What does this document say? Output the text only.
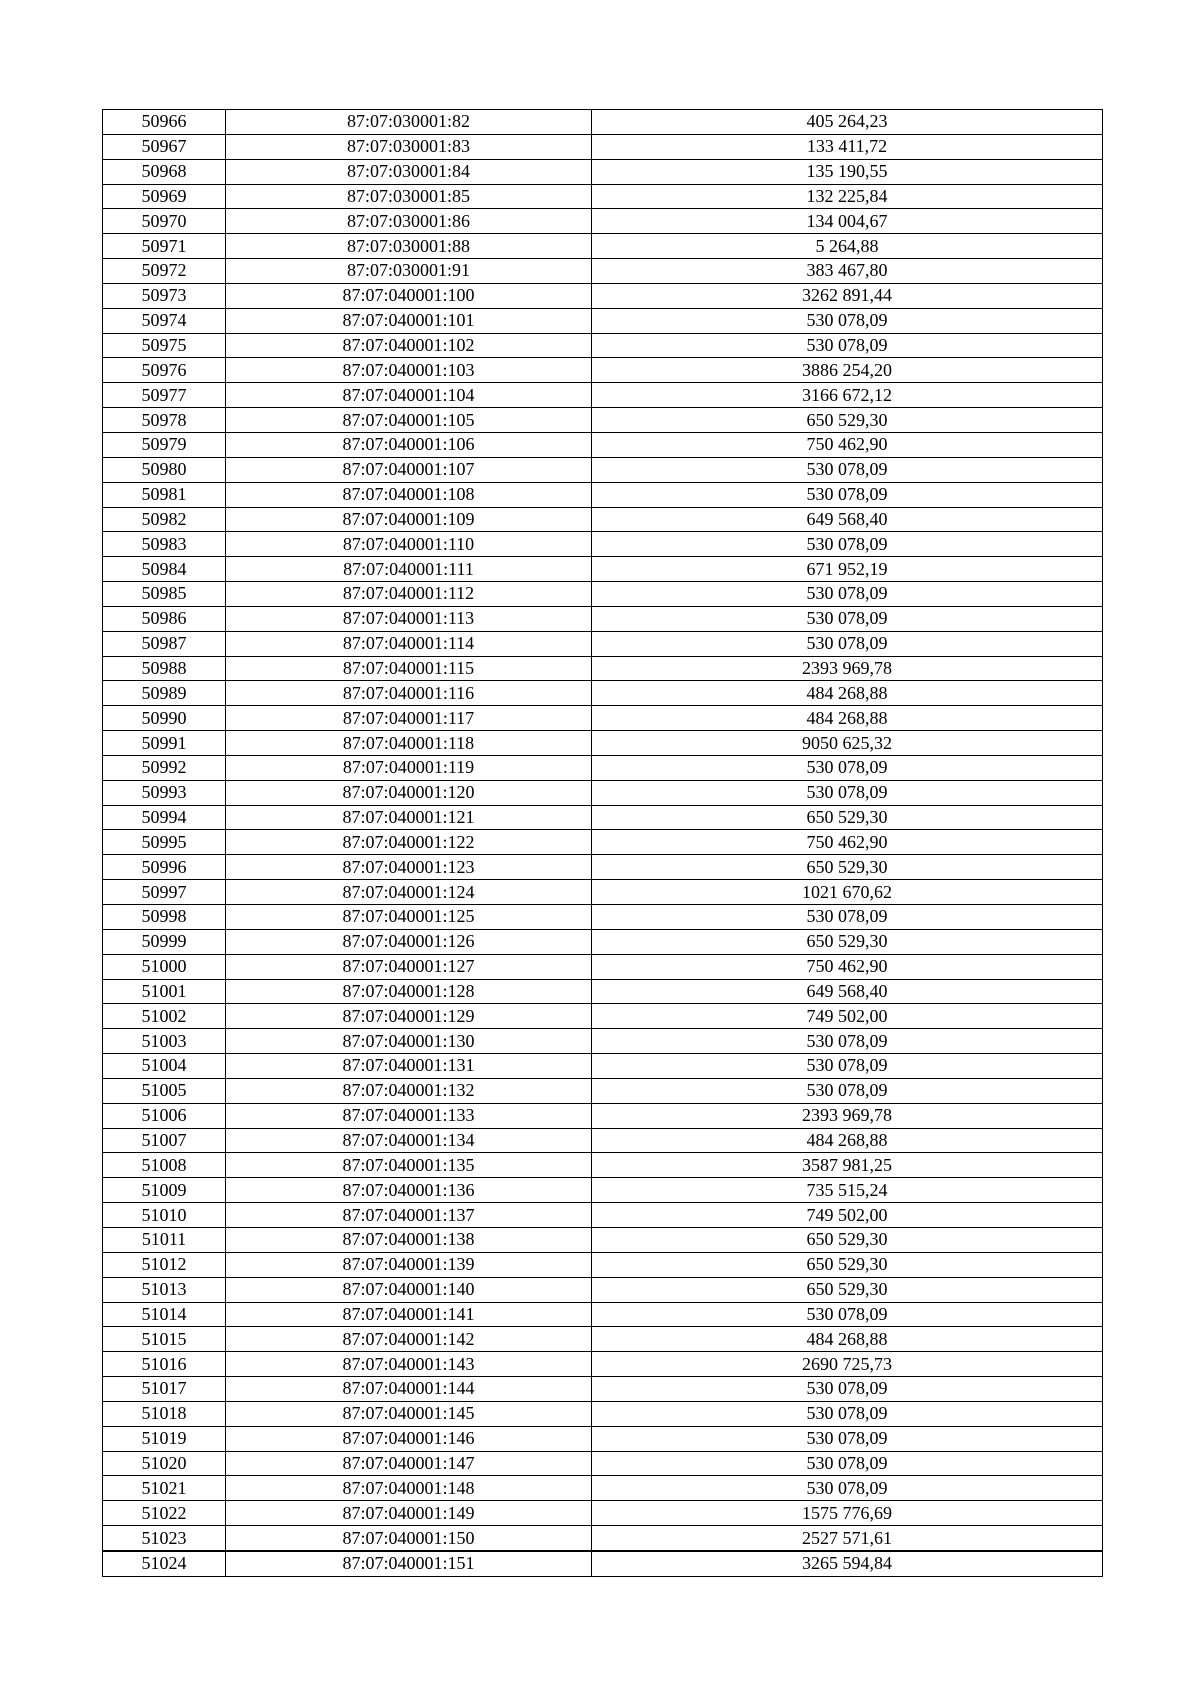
50966	87:07:030001:82	405 264,23
50967	87:07:030001:83	133 411,72
50968	87:07:030001:84	135 190,55
50969	87:07:030001:85	132 225,84
50970	87:07:030001:86	134 004,67
50971	87:07:030001:88	5 264,88
50972	87:07:030001:91	383 467,80
50973	87:07:040001:100	3262 891,44
50974	87:07:040001:101	530 078,09
50975	87:07:040001:102	530 078,09
50976	87:07:040001:103	3886 254,20
50977	87:07:040001:104	3166 672,12
50978	87:07:040001:105	650 529,30
50979	87:07:040001:106	750 462,90
50980	87:07:040001:107	530 078,09
50981	87:07:040001:108	530 078,09
50982	87:07:040001:109	649 568,40
50983	87:07:040001:110	530 078,09
50984	87:07:040001:111	671 952,19
50985	87:07:040001:112	530 078,09
50986	87:07:040001:113	530 078,09
50987	87:07:040001:114	530 078,09
50988	87:07:040001:115	2393 969,78
50989	87:07:040001:116	484 268,88
50990	87:07:040001:117	484 268,88
50991	87:07:040001:118	9050 625,32
50992	87:07:040001:119	530 078,09
50993	87:07:040001:120	530 078,09
50994	87:07:040001:121	650 529,30
50995	87:07:040001:122	750 462,90
50996	87:07:040001:123	650 529,30
50997	87:07:040001:124	1021 670,62
50998	87:07:040001:125	530 078,09
50999	87:07:040001:126	650 529,30
51000	87:07:040001:127	750 462,90
51001	87:07:040001:128	649 568,40
51002	87:07:040001:129	749 502,00
51003	87:07:040001:130	530 078,09
51004	87:07:040001:131	530 078,09
51005	87:07:040001:132	530 078,09
51006	87:07:040001:133	2393 969,78
51007	87:07:040001:134	484 268,88
51008	87:07:040001:135	3587 981,25
51009	87:07:040001:136	735 515,24
51010	87:07:040001:137	749 502,00
51011	87:07:040001:138	650 529,30
51012	87:07:040001:139	650 529,30
51013	87:07:040001:140	650 529,30
51014	87:07:040001:141	530 078,09
51015	87:07:040001:142	484 268,88
51016	87:07:040001:143	2690 725,73
51017	87:07:040001:144	530 078,09
51018	87:07:040001:145	530 078,09
51019	87:07:040001:146	530 078,09
51020	87:07:040001:147	530 078,09
51021	87:07:040001:148	530 078,09
51022	87:07:040001:149	1575 776,69
51023	87:07:040001:150	2527 571,61
51024	87:07:040001:151	3265 594,84
